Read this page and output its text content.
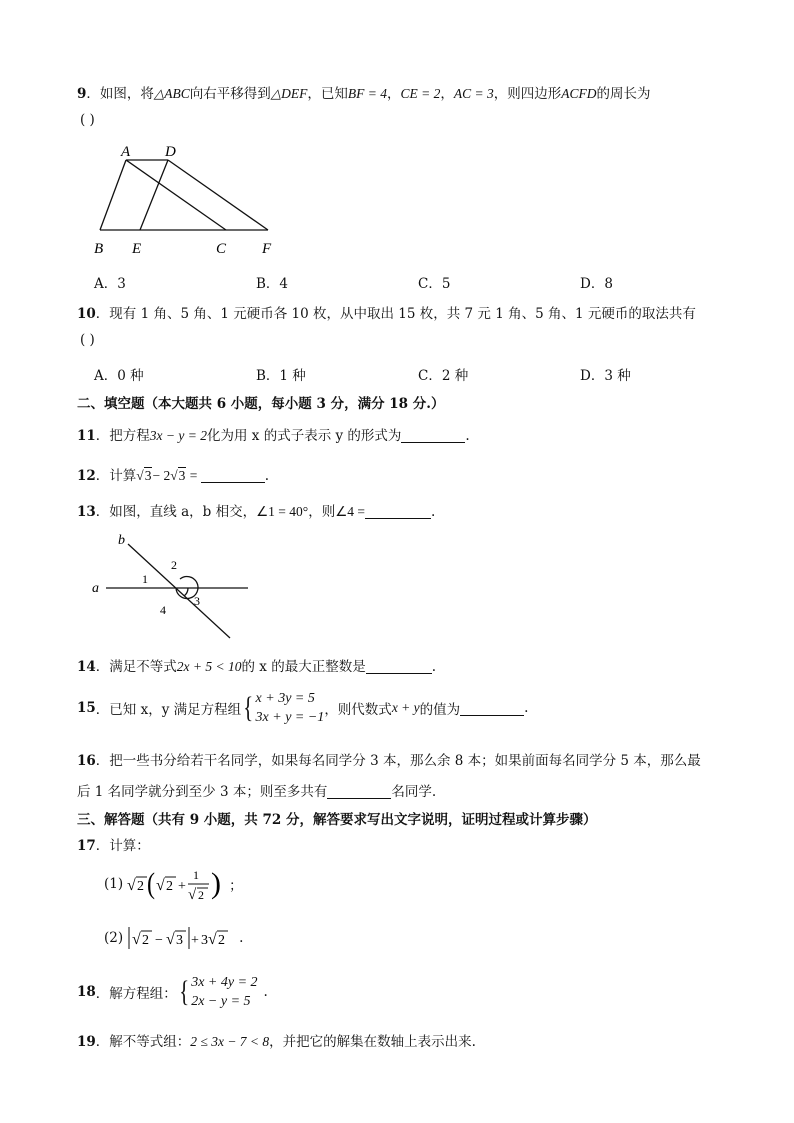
9．如图，将△ABC向右平移得到△DEF，已知BF = 4，CE = 2，AC = 3，则四边形ACFD的周长为
( )
A D
B E	C F
A．3	B．4	C．5	D．8
10．现有 1 角、5 角、1 元硬币各 10 枚，从中取出 15 枚，共 7 元 1 角、5 角、1 元硬币的取法共有
( )
A．0 种	B．1 种	C．2 种	D．3 种
二、填空题（本大题共 6 小题，每小题 3 分，满分 18 分.）
11．把方程3x − y = 2化为用 x 的式子表示 y 的形式为	.
12．计算√3− 2√3 =	.
13．如图，直线 a，b 相交，∠1 = 40°，则∠4 =	.
b
a
1
2
3
4
14．满足不等式2x + 5 < 10的 x 的最大正整数是	.
15 ． 已知 x，y 满足方程组 { x + 3y = 5
3x + y = −1 ，则代数式 x + y 的值为	.
16．把一些书分给若干名同学，如果每名同学分 3 本，那么余 8 本；如果前面每名同学分 5 本，那么最
后 1 名同学就分到至少 3 本；则至多共有	名同学.
三、解答题（共有 9 小题，共 72 分，解答要求写出文字说明，证明过程或计算步骤）
17．计算：
(1) √ 2 ( √ 2 +
1
√ 2 ) ；
(2) √ 2 − √ 3 + 3 √ 2 .
18 ． 解方程组： { 3x + 4y = 2
2x − y = 5
.
19．解不等式组：2 ≤ 3x − 7 < 8，并把它的解集在数轴上表示出来.
